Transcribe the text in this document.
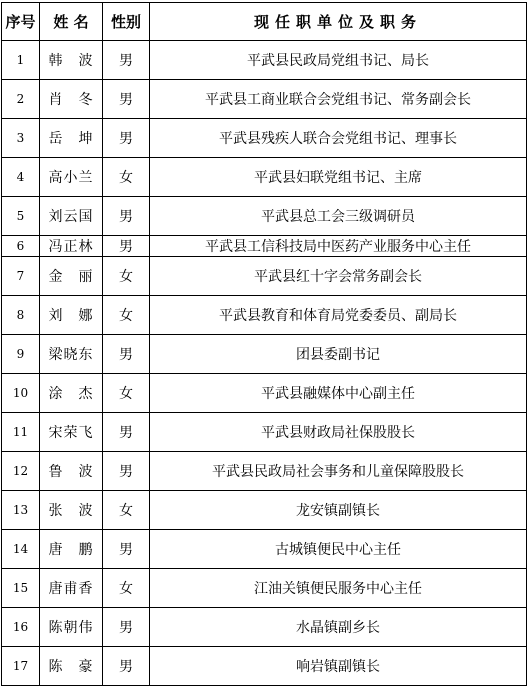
序号	姓 名	性别	现任职单位及职务
1	韩　波	男	平武县民政局党组书记、局长
2	肖　冬	男	平武县工商业联合会党组书记、常务副会长
3	岳　坤	男	平武县残疾人联合会党组书记、理事长
4	高小兰	女	平武县妇联党组书记、主席
5	刘云国	男	平武县总工会三级调研员
6	冯正林	男	平武县工信科技局中医药产业服务中心主任
7	金　丽	女	平武县红十字会常务副会长
8	刘　娜	女	平武县教育和体育局党委委员、副局长
9	梁晓东	男	团县委副书记
10	涂　杰	女	平武县融媒体中心副主任
11	宋荣飞	男	平武县财政局社保股股长
12	鲁　波	男	平武县民政局社会事务和儿童保障股股长
13	张　波	女	龙安镇副镇长
14	唐　鹏	男	古城镇便民中心主任
15	唐甫香	女	江油关镇便民服务中心主任
16	陈朝伟	男	水晶镇副乡长
17	陈　豪	男	响岩镇副镇长
